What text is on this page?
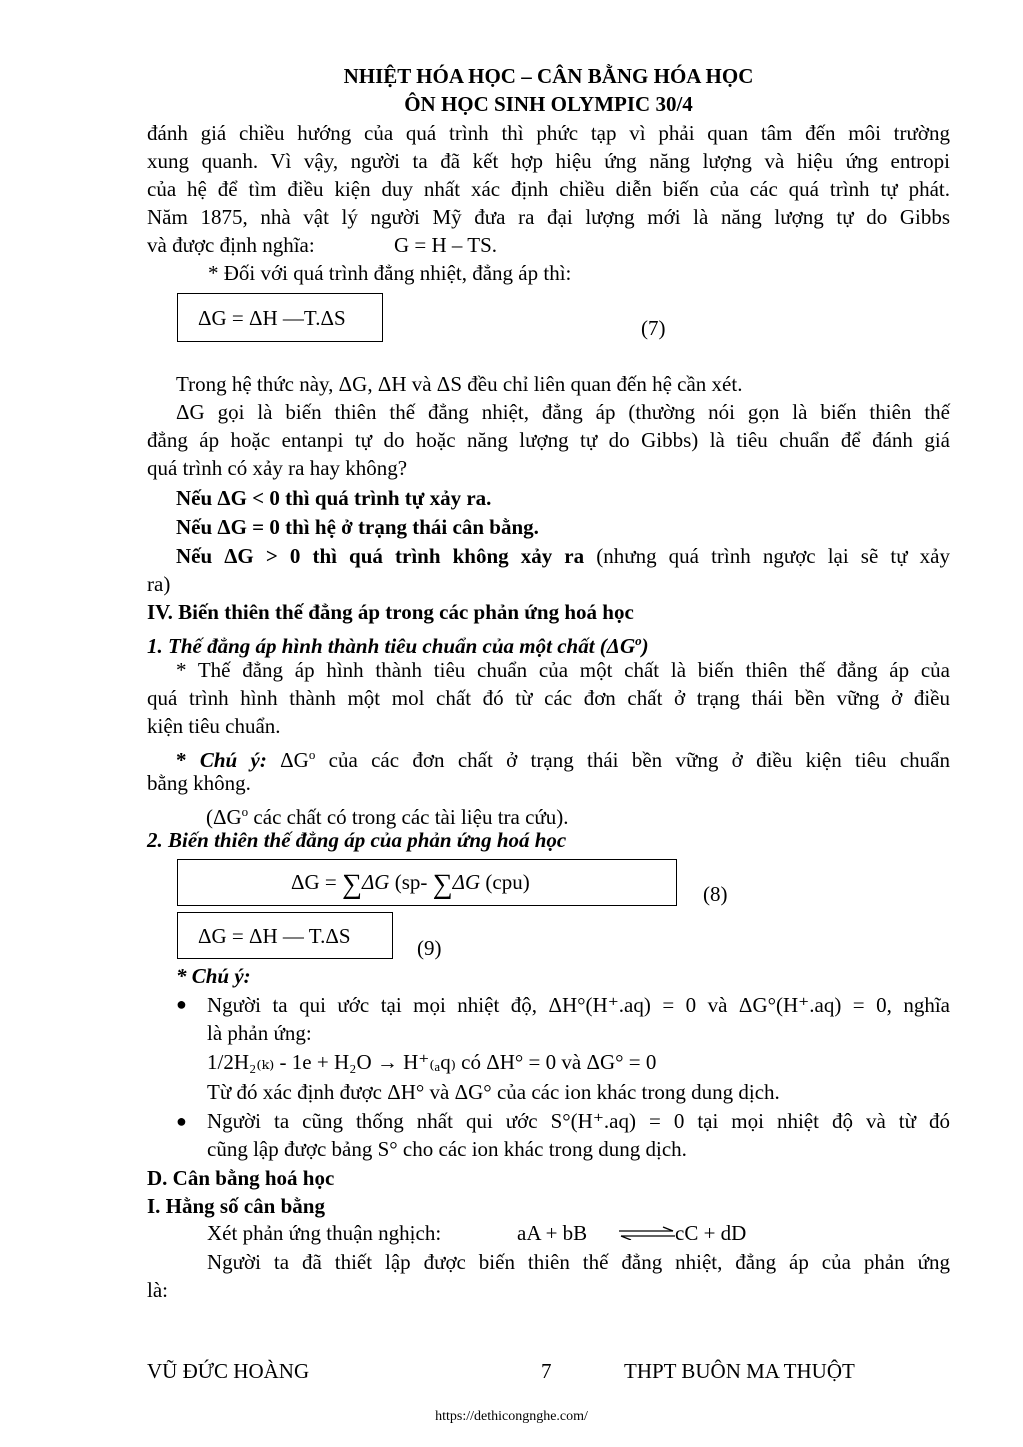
NHIỆT HÓA HỌC – CÂN BẰNG HÓA HỌC
ÔN HỌC SINH OLYMPIC 30/4
đánh giá chiều hướng của quá trình thì phức tạp vì phải quan tâm đến môi trường
xung quanh. Vì vậy, người ta đã kết hợp hiệu ứng năng lượng và hiệu ứng entropi
của hệ để tìm điều kiện duy nhất xác định chiều diễn biến của các quá trình tự phát.
Năm 1875, nhà vật lý người Mỹ đưa ra đại lượng mới là năng lượng tự do Gibbs
và được định nghĩa:	G = H – TS.
* Đối với quá trình đẳng nhiệt, đẳng áp thì:
ΔG = ΔH —T.ΔS	(7)
Trong hệ thức này, ΔG, ΔH và ΔS đều chỉ liên quan đến hệ cần xét.
ΔG gọi là biến thiên thế đẳng nhiệt, đẳng áp (thường nói gọn là biến thiên thế
đẳng áp hoặc entanpi tự do hoặc năng lượng tự do Gibbs) là tiêu chuẩn để đánh giá
quá trình có xảy ra hay không?
Nếu ΔG < 0 thì quá trình tự xảy ra.
Nếu ΔG = 0 thì hệ ở trạng thái cân bằng.
Nếu ΔG > 0 thì quá trình không xảy ra (nhưng quá trình ngược lại sẽ tự xảy
ra)
IV. Biến thiên thế đẳng áp trong các phản ứng hoá học
1. Thế đẳng áp hình thành tiêu chuẩn của một chất $(\Delta G^o)$
* Thế đẳng áp hình thành tiêu chuẩn của một chất là biến thiên thế đẳng áp của
quá trình hình thành một mol chất đó từ các đơn chất ở trạng thái bền vững ở điều
kiện tiêu chuẩn.
* Chú ý: $\Delta G^o$ của các đơn chất ở trạng thái bền vững ở điều kiện tiêu chuẩn
bằng không.
($\Delta G^o$ các chất có trong các tài liệu tra cứu).
2. Biến thiên thế đẳng áp của phản ứng hoá học
ΔG = ∑ΔG (sp- ∑ΔG (cpu)	(8)
ΔG = ΔH — T.ΔS	(9)
* Chú ý:
● Người ta qui ước tại mọi nhiệt độ, ΔH°(H⁺.aq) = 0 và ΔG°(H⁺.aq) = 0, nghĩa
là phản ứng:
1/2H₂₍ₖ₎ - 1e + H₂O → H⁺₍ₐq₎ có ΔH° = 0 và ΔG° = 0
Từ đó xác định được ΔH° và ΔG° của các ion khác trong dung dịch.
● Người ta cũng thống nhất qui ước S°(H⁺.aq) = 0 tại mọi nhiệt độ và từ đó
cũng lập được bảng S° cho các ion khác trong dung dịch.
D. Cân bằng hoá học
I. Hằng số cân bằng
Xét phản ứng thuận nghịch:	aA + bB ⇌
cC + dD
Người ta đã thiết lập được biến thiên thế đẳng nhiệt, đẳng áp của phản ứng
là:
VŨ ĐỨC HOÀNG	7	THPT BUÔN MA THUỘT
https://dethicongnghe.com/
